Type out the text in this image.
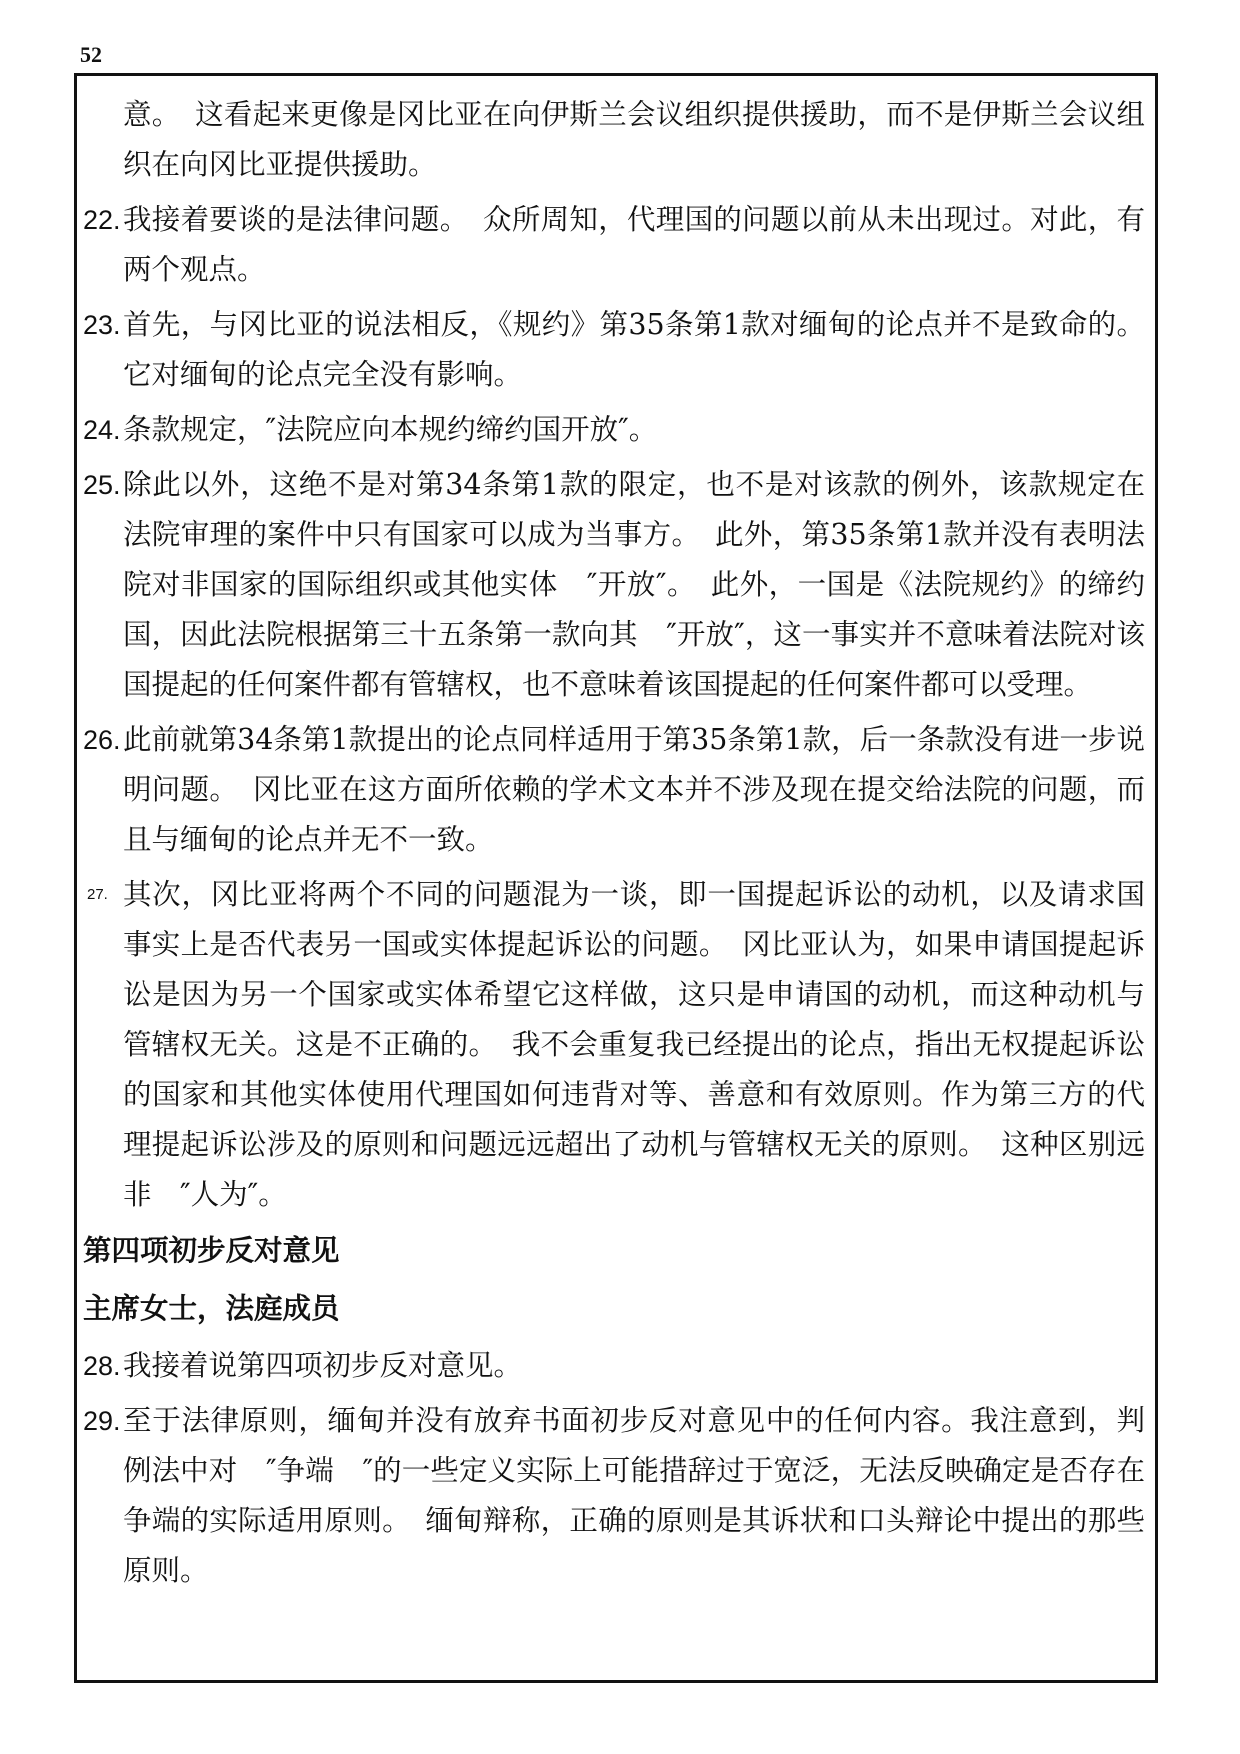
52

意。　这看起来更像是冈比亚在向伊斯兰会议组织提供援助，而不是伊斯兰会议组织在向冈比亚提供援助。

22. 我接着要谈的是法律问题。　众所周知，代理国的问题以前从未出现过。对此，有两个观点。

23. 首先，与冈比亚的说法相反，《规约》第35条第1款对缅甸的论点并不是致命的。它对缅甸的论点完全没有影响。

24. 条款规定，″法院应向本规约缔约国开放″。

25. 除此以外，这绝不是对第34条第1款的限定，也不是对该款的例外，该款规定在法院审理的案件中只有国家可以成为当事方。　此外，第35条第1款并没有表明法院对非国家的国际组织或其他实体　″开放″。　此外，一国是《法院规约》的缔约国，因此法院根据第三十五条第一款向其　″开放″，这一事实并不意味着法院对该国提起的任何案件都有管辖权，也不意味着该国提起的任何案件都可以受理。

26. 此前就第34条第1款提出的论点同样适用于第35条第1款，后一条款没有进一步说明问题。　冈比亚在这方面所依赖的学术文本并不涉及现在提交给法院的问题，而且与缅甸的论点并无不一致。

27. 其次，冈比亚将两个不同的问题混为一谈，即一国提起诉讼的动机，以及请求国事实上是否代表另一国或实体提起诉讼的问题。　冈比亚认为，如果申请国提起诉讼是因为另一个国家或实体希望它这样做，这只是申请国的动机，而这种动机与管辖权无关。这是不正确的。　我不会重复我已经提出的论点，指出无权提起诉讼的国家和其他实体使用代理国如何违背对等、善意和有效原则。作为第三方的代理提起诉讼涉及的原则和问题远远超出了动机与管辖权无关的原则。　这种区别远非　″人为″。

第四项初步反对意见
主席女士，法庭成员

28. 我接着说第四项初步反对意见。

29. 至于法律原则，缅甸并没有放弃书面初步反对意见中的任何内容。我注意到，判例法中对　″争端　″的一些定义实际上可能措辞过于宽泛，无法反映确定是否存在争端的实际适用原则。　缅甸辩称，正确的原则是其诉状和口头辩论中提出的那些原则。
